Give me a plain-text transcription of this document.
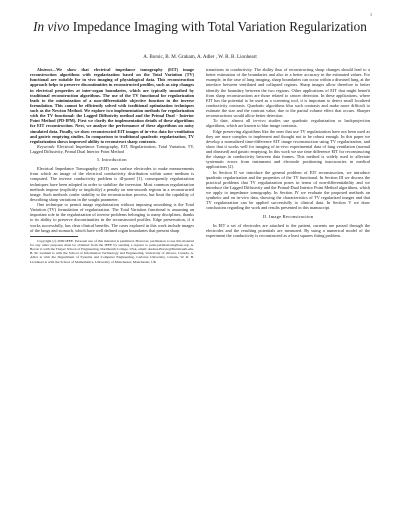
1
In vivo Impedance Imaging with Total Variation Regularization
A. Borsic, B. M. Graham, A. Adler , W. R. B. Lionheart

Abstract—We show that electrical impedance tomography (EIT) image reconstruction algorithms with regularization based on the Total Variation (TV) functional are suitable for in vivo imaging of physiological data. This reconstruction approach helps to preserve discontinuities in reconstructed profiles, such as step changes in electrical properties at inter-organ boundaries, which are typically smoothed by traditional reconstruction algorithms. The use of the TV functional for regularization leads to the minimization of a non-differentiable objective function in the inverse formulation. This cannot be efficiently solved with traditional optimization techniques such as the Newton Method. We explore two implementation methods for regularization with the TV functional: the Lagged Diffusivity method and the Primal Dual - Interior Point Method (PD-IPM). First we clarify the implementation details of these algorithms for EIT reconstruction. Next, we analyze the performance of these algorithms on noisy simulated data. Finally, we show reconstructed EIT images of in-vivo data for ventilation and gastric emptying studies. In comparison to traditional quadratic regularization, TV regularization shows improved ability to reconstruct sharp contrasts.

Keywords: Electrical Impedance Tomography, EIT, Regularization, Total Variation, TV, Lagged Diffusivity, Primal Dual Interior Point Method

I. Introduction

Electrical Impedance Tomography (EIT) uses surface electrodes to make measurements from which an image of the electrical conductivity distribution within some medium is computed. The inverse conductivity problem is ill-posed [1], consequently regularization techniques have been adopted in order to stabilize the inversion. Most common regularization methods impose (explicitly or implicitly) a penalty on non-smooth regions in a reconstructed image. Such methods confer stability to the reconstruction process, but limit the capability of describing sharp variations in the sought parameter.

One technique to permit image regularization without imposing smoothing is the Total Variation (TV) formulation of regularization. The Total Variation functional is assuming an important role in the regularization of inverse problems belonging to many disciplines, thanks to its ability to preserve discontinuities in the reconstructed profiles. Edge preservation, if it works successfully, has clear clinical benefits. The cases explored in this work include images of the lungs and stomach, which have well defined organ boundaries that present sharp

Copyright (c) 2009 IEEE. Personal use of this material is permitted. However, permission to use this material for any other purposes must be obtained from the IEEE by sending a request to pubs-permissions@ieee.org. A. Borsic is with the Thayer School of Engineering, Dartmouth College, USA, email: Andrea.Borsic@Dartmouth.edu, B. M. Graham is with the School of Information Technology and Engineering, University of Ottawa, Canada, A. Adler is with the Department of Systems and Computer Engineering, Carleton University, Canada, W. R. B. Lionheart is with the School of Mathematics, University of Manchester, Manchester, UK

transitions in conductivity. The ability thus of reconstructing sharp changes should lead to a better estimation of the boundaries and also to a better accuracy in the estimated values. For example, in the case of lung imaging, sharp boundaries can occur within a diseased lung, at the interface between ventilated and collapsed regions. Sharp images allow therefore to better identify the boundary between the two regions. Other applications of EIT that might benefit from sharp reconstructions are those related to cancer detection. In these applications, where EIT has the potential to be used as a screening tool, it is important to detect small localized conductivity contrasts. Quadratic algorithms blur such contrasts and make more difficult to estimate the size and the contrast value, due to the partial volume effect that occurs. Sharper reconstructions would allow better detection.

To date, almost all in-vivo studies use quadratic regularization or backprojection algorithms, which are known to blur image contrasts.

Edge preserving algorithms like the ones that use TV regularization have not been used as they are more complex to implement and thought not to be robust enough. In this paper we develop a normalized time-difference EIT image reconstruction using TV regularization, and show that it works well for imaging of in-vivo experimental data of lung ventilation (normal and diseased) and gastric emptying. In this work we use time difference EIT for reconstructing the change in conductivity between data frames. This method is widely used to alleviate systematic errors from instrument and electrode positioning inaccuracies in medical applications [2].

In Section II we introduce the general problem of EIT reconstruction, we introduce quadratic regularization and the properties of the TV functional. In Section III we discuss the practical problems that TV regularization poses in terms of non-differentiability and we introduce the Lagged Diffusivity and the Primal-Dual Interior Point Method algorithms, which we apply to impedance tomography. In Section IV we evaluate the proposed methods on synthetic and on in-vivo data, showing the characteristics of TV regularized images and that TV regularization can be applied successfully to clinical data. In Section V we draw conclusions regarding the work and results presented in this manuscript.

II. Image Reconstruction

In EIT a set of electrodes are attached to the patient, currents are passed through the electrodes and the resulting potentials are measured. By using a numerical model of the experiment the conductivity is reconstructed as a least squares fitting problem.
